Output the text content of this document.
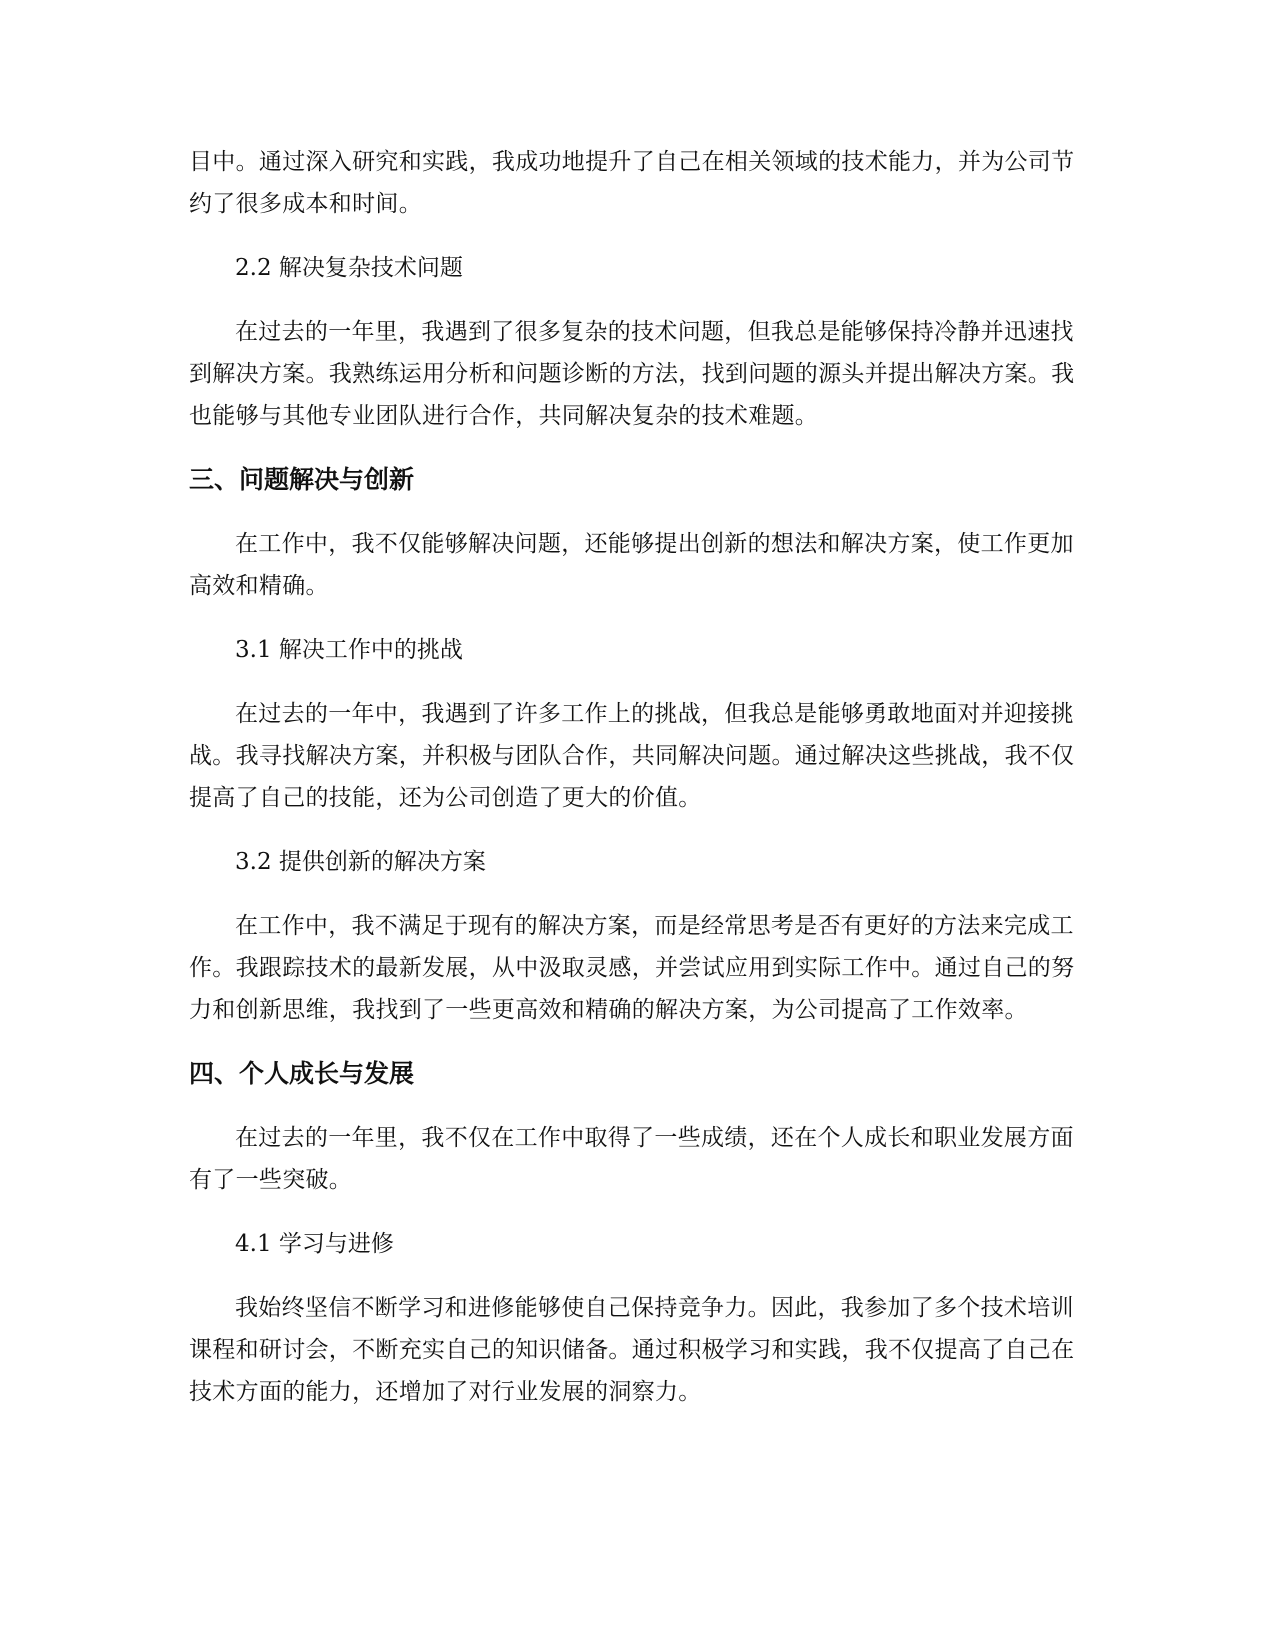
目中。通过深入研究和实践，我成功地提升了自己在相关领域的技术能力，并为公司节约了很多成本和时间。

2.2 解决复杂技术问题

在过去的一年里，我遇到了很多复杂的技术问题，但我总是能够保持冷静并迅速找到解决方案。我熟练运用分析和问题诊断的方法，找到问题的源头并提出解决方案。我也能够与其他专业团队进行合作，共同解决复杂的技术难题。

三、问题解决与创新

在工作中，我不仅能够解决问题，还能够提出创新的想法和解决方案，使工作更加高效和精确。

3.1 解决工作中的挑战

在过去的一年中，我遇到了许多工作上的挑战，但我总是能够勇敢地面对并迎接挑战。我寻找解决方案，并积极与团队合作，共同解决问题。通过解决这些挑战，我不仅提高了自己的技能，还为公司创造了更大的价值。

3.2 提供创新的解决方案

在工作中，我不满足于现有的解决方案，而是经常思考是否有更好的方法来完成工作。我跟踪技术的最新发展，从中汲取灵感，并尝试应用到实际工作中。通过自己的努力和创新思维，我找到了一些更高效和精确的解决方案，为公司提高了工作效率。

四、个人成长与发展

在过去的一年里，我不仅在工作中取得了一些成绩，还在个人成长和职业发展方面有了一些突破。

4.1 学习与进修

我始终坚信不断学习和进修能够使自己保持竞争力。因此，我参加了多个技术培训课程和研讨会，不断充实自己的知识储备。通过积极学习和实践，我不仅提高了自己在技术方面的能力，还增加了对行业发展的洞察力。
